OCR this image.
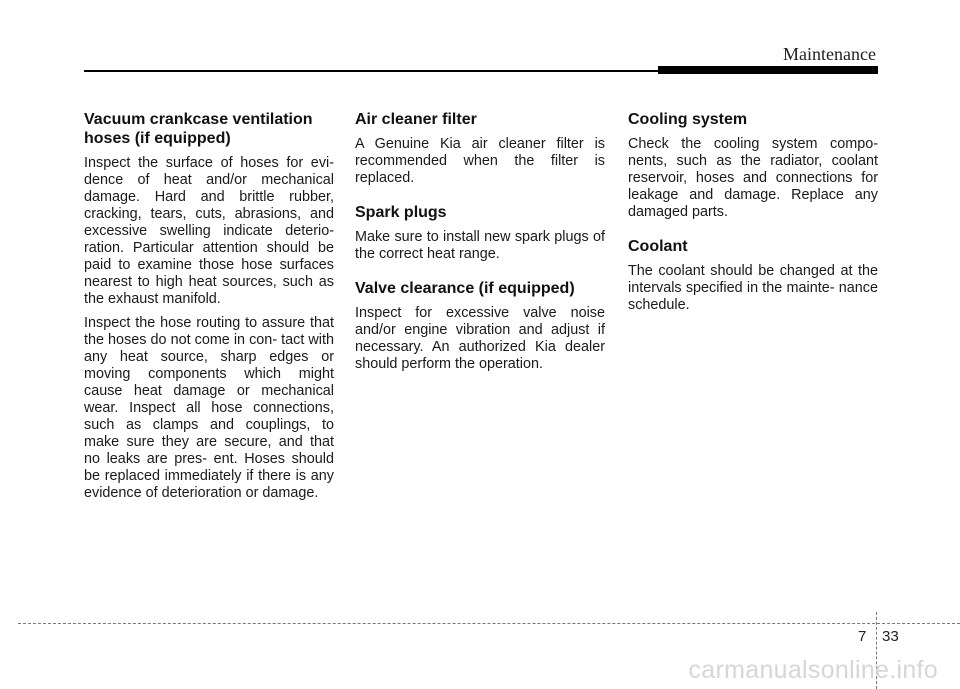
Maintenance
Vacuum crankcase ventilation hoses (if equipped)

Inspect the surface of hoses for evi- dence of heat and/or mechanical damage. Hard and brittle rubber, cracking, tears, cuts, abrasions, and excessive swelling indicate deterio- ration. Particular attention should be paid to examine those hose surfaces nearest to high heat sources, such as the exhaust manifold.

Inspect the hose routing to assure that the hoses do not come in con- tact with any heat source, sharp edges or moving components which might cause heat damage or mechanical wear. Inspect all hose connections, such as clamps and couplings, to make sure they are secure, and that no leaks are pres- ent. Hoses should be replaced immediately if there is any evidence of deterioration or damage.

Air cleaner filter

A Genuine Kia air cleaner filter is recommended when the filter is replaced.

Spark plugs

Make sure to install new spark plugs of the correct heat range.

Valve clearance (if equipped)

Inspect for excessive valve noise and/or engine vibration and adjust if necessary. An authorized Kia dealer should perform the operation.

Cooling system

Check the cooling system compo- nents, such as the radiator, coolant reservoir, hoses and connections for leakage and damage. Replace any damaged parts.

Coolant

The coolant should be changed at the intervals specified in the mainte- nance schedule.

7 33
carmanualsonline.info
